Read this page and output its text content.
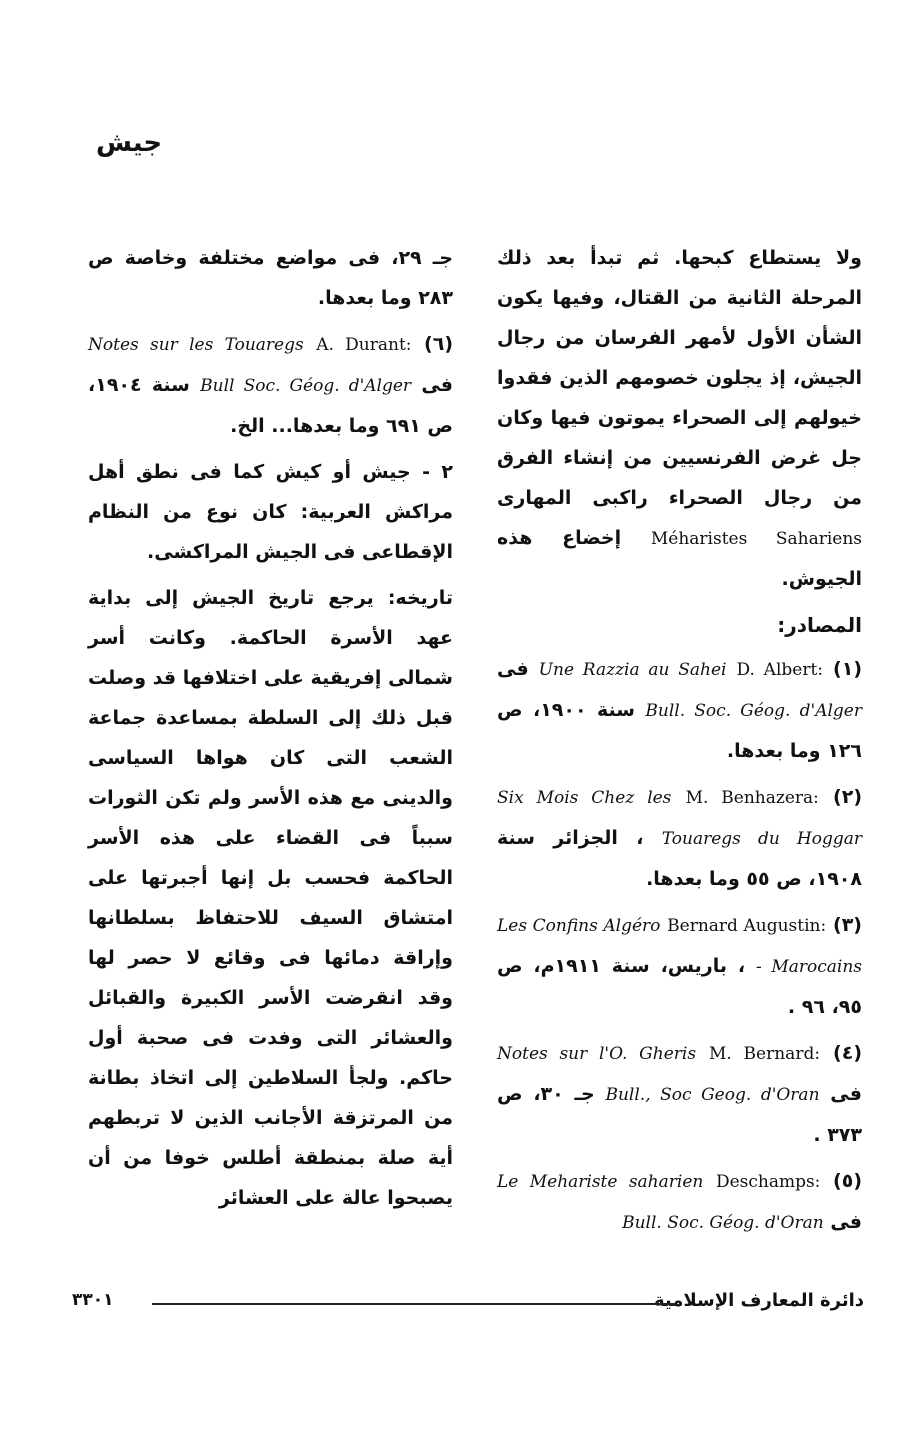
جيش

ولا يستطاع كبحها. ثم تبدأ بعد ذلك المرحلة الثانية من القتال، وفيها يكون الشأن الأول لأمهر الفرسان من رجال الجيش، إذ يجلون خصومهم الذين فقدوا خيولهم إلى الصحراء يموتون فيها وكان جل غرض الفرنسيين من إنشاء الفرق من رجال الصحراء راكبى المهارى Méharistes Sahariens إخضاع هذه الجيوش.

المصادر:

(١) D. Albert: Une Razzia au Sahei فى Bull. Soc. Géog. d'Alger سنة ١٩٠٠، ص ١٢٦ وما بعدها.

(٢) M. Benhazera: Six Mois Chez les Touaregs du Hoggar ، الجزائر سنة ١٩٠٨، ص ٥٥ وما بعدها.

(٣) Bernard Augustin: Les Confins Algéro - Marocains ، باريس، سنة ١٩١١م، ص ٩٥، ٩٦ .

(٤) M. Bernard: Notes sur l'O. Gheris فى Bull., Soc Geog. d'Oran جـ ٣٠، ص ٣٧٣ .

(٥) Deschamps: Le Mehariste saharien فى Bull. Soc. Géog. d'Oran

جـ ٢٩، فى مواضع مختلفة وخاصة ص ٢٨٣ وما بعدها.

(٦) A. Durant: Notes sur les Touaregs فى Bull Soc. Géog. d'Alger سنة ١٩٠٤، ص ٦٩١ وما بعدها... الخ.

٢ - جيش أو كيش كما فى نطق أهل مراكش العربية: كان نوع من النظام الإقطاعى فى الجيش المراكشى.

تاريخه: يرجع تاريخ الجيش إلى بداية عهد الأسرة الحاكمة. وكانت أسر شمالى إفريقية على اختلافها قد وصلت قبل ذلك إلى السلطة بمساعدة جماعة الشعب التى كان هواها السياسى والدينى مع هذه الأسر ولم تكن الثورات سبباً فى القضاء على هذه الأسر الحاكمة فحسب بل إنها أجبرتها على امتشاق السيف للاحتفاظ بسلطانها وإراقة دمائها فى وقائع لا حصر لها وقد انقرضت الأسر الكبيرة والقبائل والعشائر التى وفدت فى صحبة أول حاكم. ولجأ السلاطين إلى اتخاذ بطانة من المرتزقة الأجانب الذين لا تربطهم أية صلة بمنطقة أطلس خوفا من أن يصبحوا عالة على العشائر

دائرة المعارف الإسلامية
٣٣٠١
